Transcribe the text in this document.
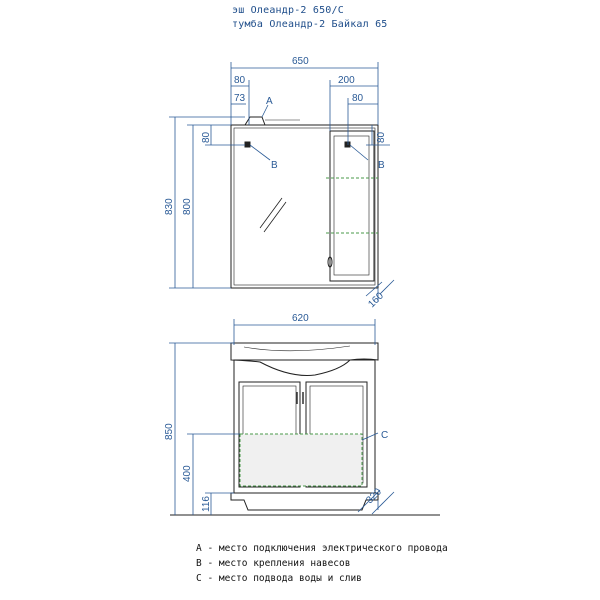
эш Олеандр-2 650/С
тумба Олеандр-2 Байкал 65
650
80
73
200
80
830 800
80	80
160
A
B	B
620
850
400
116	320
C
A - место подключения электрического провода
B - место крепления навесов
C - место подвода воды и слив
